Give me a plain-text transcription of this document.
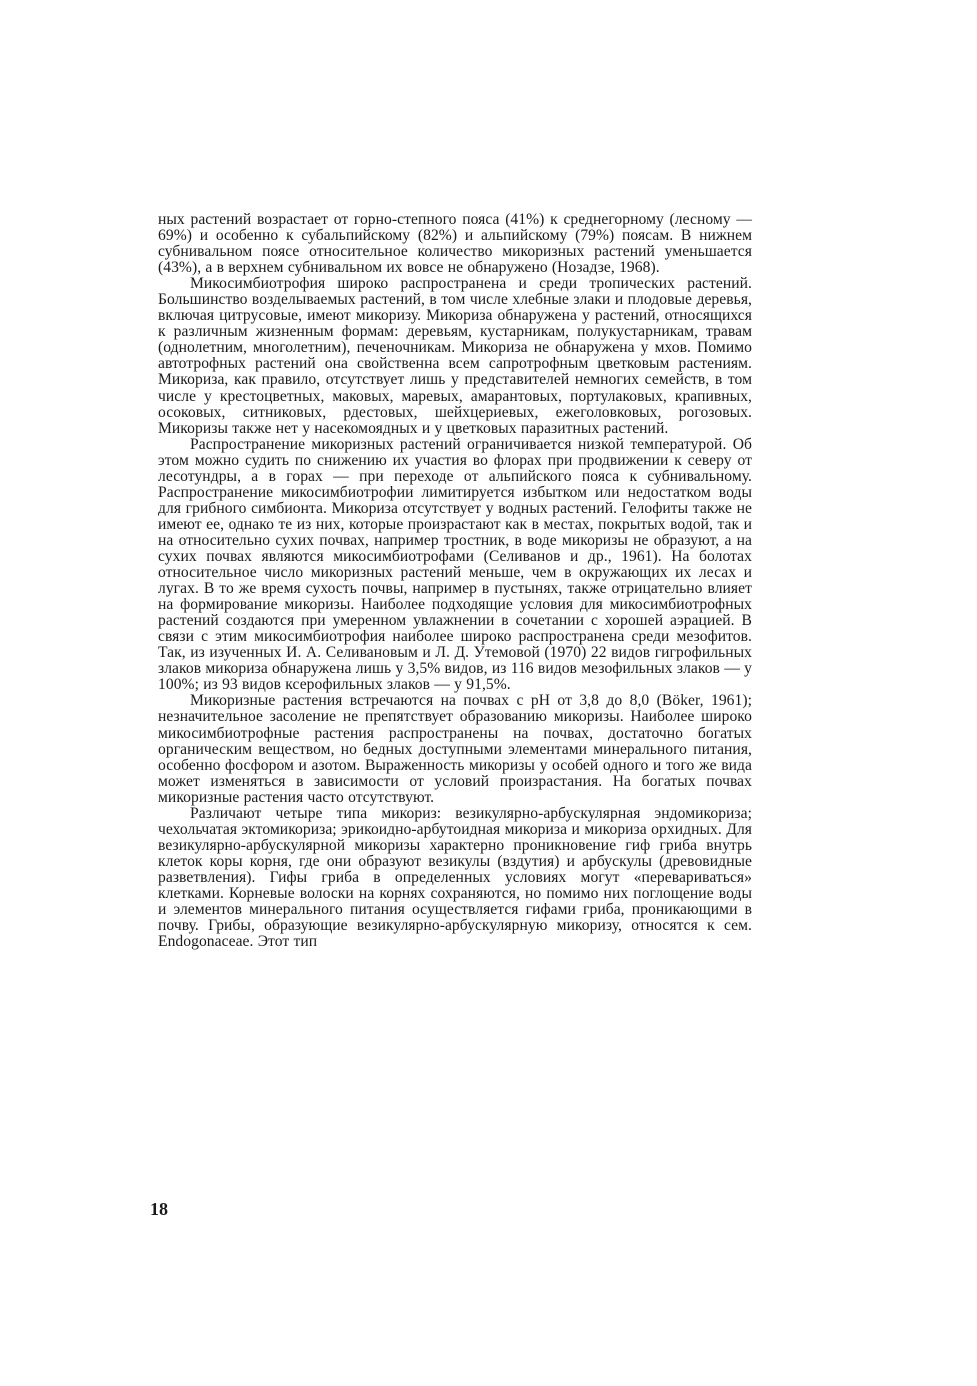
ных растений возрастает от горно-степного пояса (41%) к среднегорному (лесному — 69%) и особенно к субальпийскому (82%) и альпийскому (79%) поясам. В нижнем субнивальном поясе относительное количество микоризных растений уменьшается (43%), а в верхнем субнивальном их вовсе не обнаружено (Нозадзе, 1968).

Микосимбиотрофия широко распространена и среди тропических растений. Большинство возделываемых растений, в том числе хлебные злаки и плодовые деревья, включая цитрусовые, имеют микоризу. Микориза обнаружена у растений, относящихся к различным жизненным формам: деревьям, кустарникам, полукустарникам, травам (однолетним, многолетним), печеночникам. Микориза не обнаружена у мхов. Помимо автотрофных растений она свойственна всем сапротрофным цветковым растениям. Микориза, как правило, отсутствует лишь у представителей немногих семейств, в том числе у крестоцветных, маковых, маревых, амарантовых, портулаковых, крапивных, осоковых, ситниковых, рдестовых, шейхцериевых, ежеголовковых, рогозовых. Микоризы также нет у насекомоядных и у цветковых паразитных растений.

Распространение микоризных растений ограничивается низкой температурой. Об этом можно судить по снижению их участия во флорах при продвижении к северу от лесотундры, а в горах — при переходе от альпийского пояса к субнивальному. Распространение микосимбиотрофии лимитируется избытком или недостатком воды для грибного симбионта. Микориза отсутствует у водных растений. Гелофиты также не имеют ее, однако те из них, которые произрастают как в местах, покрытых водой, так и на относительно сухих почвах, например тростник, в воде микоризы не образуют, а на сухих почвах являются микосимбиотрофами (Селиванов и др., 1961). На болотах относительное число микоризных растений меньше, чем в окружающих их лесах и лугах. В то же время сухость почвы, например в пустынях, также отрицательно влияет на формирование микоризы. Наиболее подходящие условия для микосимбиотрофных растений создаются при умеренном увлажнении в сочетании с хорошей аэрацией. В связи с этим микосимбиотрофия наиболее широко распространена среди мезофитов. Так, из изученных И. А. Селивановым и Л. Д. Утемовой (1970) 22 видов гигрофильных злаков микориза обнаружена лишь у 3,5% видов, из 116 видов мезофильных злаков — у 100%; из 93 видов ксерофильных злаков — у 91,5%.

Микоризные растения встречаются на почвах с pH от 3,8 до 8,0 (Böker, 1961); незначительное засоление не препятствует образованию микоризы. Наиболее широко микосимбиотрофные растения распространены на почвах, достаточно богатых органическим веществом, но бедных доступными элементами минерального питания, особенно фосфором и азотом. Выраженность микоризы у особей одного и того же вида может изменяться в зависимости от условий произрастания. На богатых почвах микоризные растения часто отсутствуют.

Различают четыре типа микориз: везикулярно-арбускулярная эндомикориза; чехольчатая эктомикориза; эрикоидно-арбутоидная микориза и микориза орхидных. Для везикулярно-арбускулярной микоризы характерно проникновение гиф гриба внутрь клеток коры корня, где они образуют везикулы (вздутия) и арбускулы (древовидные разветвления). Гифы гриба в определенных условиях могут «перевариваться» клетками. Корневые волоски на корнях сохраняются, но помимо них поглощение воды и элементов минерального питания осуществляется гифами гриба, проникающими в почву. Грибы, образующие везикулярно-арбускулярную микоризу, относятся к сем. Endogonaceae. Этот тип

18
